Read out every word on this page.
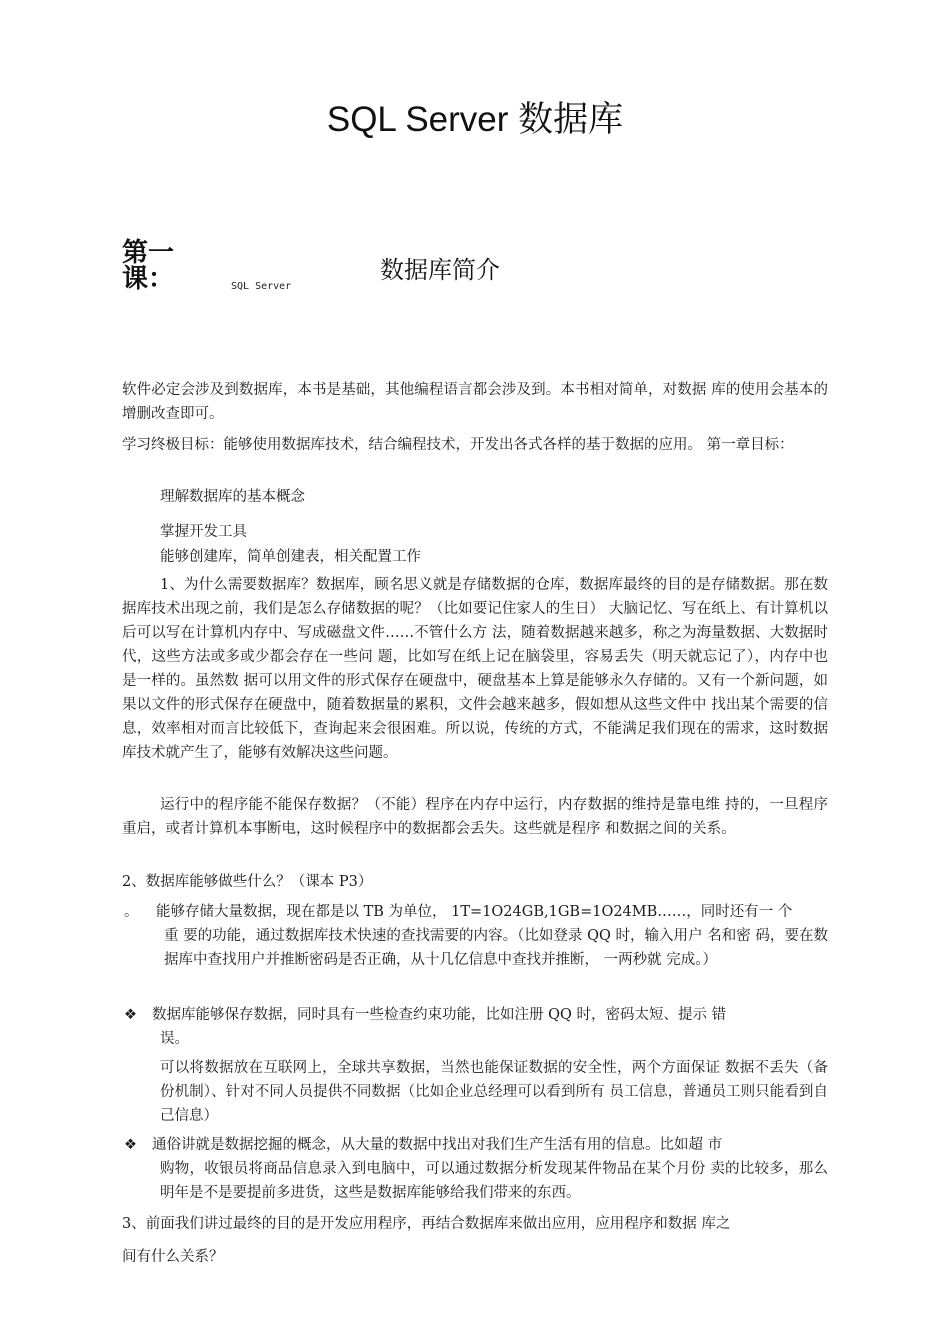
SQL Server 数据库
第一课：	SQL Server
数据库简介
软件必定会涉及到数据库，本书是基础，其他编程语言都会涉及到。本书相对简单，对数据 库的使用会基本的增删改查即可。
学习终极目标：能够使用数据库技术，结合编程技术，开发出各式各样的基于数据的应用。 第一章目标：
理解数据库的基本概念
掌握开发工具
能够创建库，简单创建表，相关配置工作
1、为什么需要数据库？数据库，顾名思义就是存储数据的仓库，数据库最终的目的是存储数据。那在数据库技术出现之前，我们是怎么存储数据的呢？（比如要记住家人的生日） 大脑记忆、写在纸上、有计算机以后可以写在计算机内存中、写成磁盘文件……不管什么方 法，随着数据越来越多，称之为海量数据、大数据时代，这些方法或多或少都会存在一些问 题，比如写在纸上记在脑袋里，容易丢失（明天就忘记了），内存中也是一样的。虽然数 据可以用文件的形式保存在硬盘中，硬盘基本上算是能够永久存储的。又有一个新问题，如 果以文件的形式保存在硬盘中，随着数据量的累积，文件会越来越多，假如想从这些文件中 找出某个需要的信息，效率相对而言比较低下，查询起来会很困难。所以说，传统的方式，不能满足我们现在的需求，这时数据库技术就产生了，能够有效解决这些问题。
运行中的程序能不能保存数据？（不能）程序在内存中运行，内存数据的维持是靠电维 持的，一旦程序重启，或者计算机本事断电，这时候程序中的数据都会丢失。这些就是程序 和数据之间的关系。
2、数据库能够做些什么？（课本 P3）
。 能够存储大量数据，现在都是以 TB 为单位， 1T=1O24GB,1GB=1O24MB……，同时还有一 个
重 要的功能，通过数据库技术快速的查找需要的内容。（比如登录 QQ 时，输入用户 名和密 码，要在数据库中查找用户并推断密码是否正确，从十几亿信息中查找并推断， 一两秒就 完成。）
❖ 数据库能够保存数据，同时具有一些检查约束功能，比如注册 QQ 时，密码太短、提示 错
误。
可以将数据放在互联网上，全球共享数据，当然也能保证数据的安全性，两个方面保证 数据不丢失（备份机制）、针对不同人员提供不同数据（比如企业总经理可以看到所有 员工信息，普通员工则只能看到自己信息）
❖ 通俗讲就是数据挖掘的概念，从大量的数据中找出对我们生产生活有用的信息。比如超 市
购物，收银员将商品信息录入到电脑中，可以通过数据分析发现某件物品在某个月份 卖的比较多，那么明年是不是要提前多进货，这些是数据库能够给我们带来的东西。
3、前面我们讲过最终的目的是开发应用程序，再结合数据库来做出应用，应用程序和数据 库之
间有什么关系？
